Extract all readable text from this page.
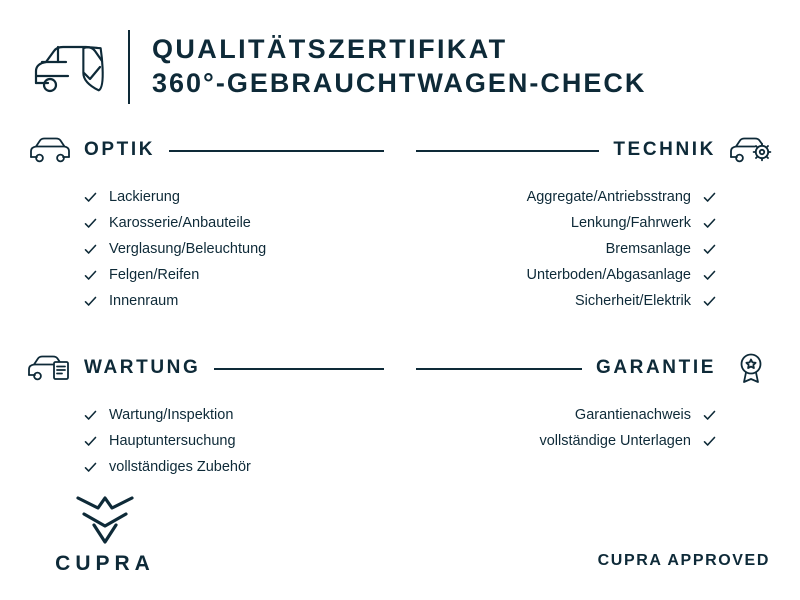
QUALITÄTSZERTIFIKAT
360°-GEBRAUCHTWAGEN-CHECK
OPTIK
Lackierung
Karosserie/Anbauteile
Verglasung/Beleuchtung
Felgen/Reifen
Innenraum
TECHNIK
Aggregate/Antriebsstrang
Lenkung/Fahrwerk
Bremsanlage
Unterboden/Abgasanlage
Sicherheit/Elektrik
WARTUNG
Wartung/Inspektion
Hauptuntersuchung
vollständiges Zubehör
GARANTIE
Garantienachweis
vollständige Unterlagen
CUPRA	CUPRA APPROVED
